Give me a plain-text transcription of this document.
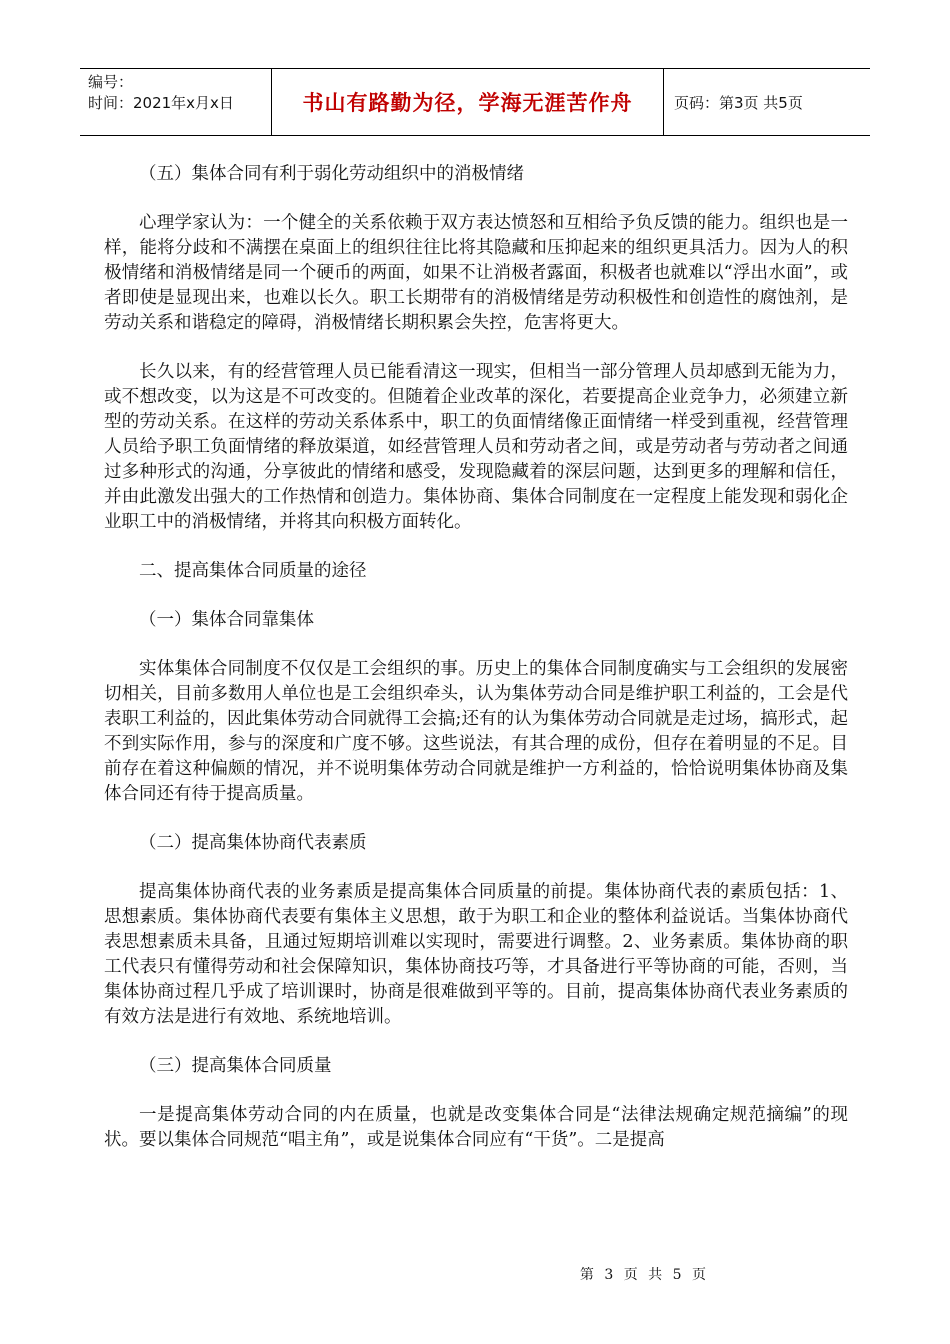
编号：
时间：2021年x月x日	书山有路勤为径，学海无涯苦作舟	页码：第3页 共5页

（五）集体合同有利于弱化劳动组织中的消极情绪

心理学家认为：一个健全的关系依赖于双方表达愤怒和互相给予负反馈的能力。组织也是一样，能将分歧和不满摆在桌面上的组织往往比将其隐藏和压抑起来的组织更具活力。因为人的积极情绪和消极情绪是同一个硬币的两面，如果不让消极者露面，积极者也就难以“浮出水面”，或者即使是显现出来，也难以长久。职工长期带有的消极情绪是劳动积极性和创造性的腐蚀剂，是劳动关系和谐稳定的障碍，消极情绪长期积累会失控，危害将更大。

长久以来，有的经营管理人员已能看清这一现实，但相当一部分管理人员却感到无能为力，或不想改变，以为这是不可改变的。但随着企业改革的深化，若要提高企业竞争力，必须建立新型的劳动关系。在这样的劳动关系体系中，职工的负面情绪像正面情绪一样受到重视，经营管理人员给予职工负面情绪的释放渠道，如经营管理人员和劳动者之间，或是劳动者与劳动者之间通过多种形式的沟通，分享彼此的情绪和感受，发现隐藏着的深层问题，达到更多的理解和信任，并由此激发出强大的工作热情和创造力。集体协商、集体合同制度在一定程度上能发现和弱化企业职工中的消极情绪，并将其向积极方面转化。

二、提高集体合同质量的途径

（一）集体合同靠集体

实体集体合同制度不仅仅是工会组织的事。历史上的集体合同制度确实与工会组织的发展密切相关，目前多数用人单位也是工会组织牵头，认为集体劳动合同是维护职工利益的，工会是代表职工利益的，因此集体劳动合同就得工会搞;还有的认为集体劳动合同就是走过场，搞形式，起不到实际作用，参与的深度和广度不够。这些说法，有其合理的成份，但存在着明显的不足。目前存在着这种偏颇的情况，并不说明集体劳动合同就是维护一方利益的，恰恰说明集体协商及集体合同还有待于提高质量。

（二）提高集体协商代表素质

提高集体协商代表的业务素质是提高集体合同质量的前提。集体协商代表的素质包括：1、思想素质。集体协商代表要有集体主义思想，敢于为职工和企业的整体利益说话。当集体协商代表思想素质未具备，且通过短期培训难以实现时，需要进行调整。2、业务素质。集体协商的职工代表只有懂得劳动和社会保障知识，集体协商技巧等，才具备进行平等协商的可能，否则，当集体协商过程几乎成了培训课时，协商是很难做到平等的。目前，提高集体协商代表业务素质的有效方法是进行有效地、系统地培训。

（三）提高集体合同质量

一是提高集体劳动合同的内在质量，也就是改变集体合同是“法律法规确定规范摘编”的现状。要以集体合同规范“唱主角”，或是说集体合同应有“干货”。二是提高

第 3 页 共 5 页
